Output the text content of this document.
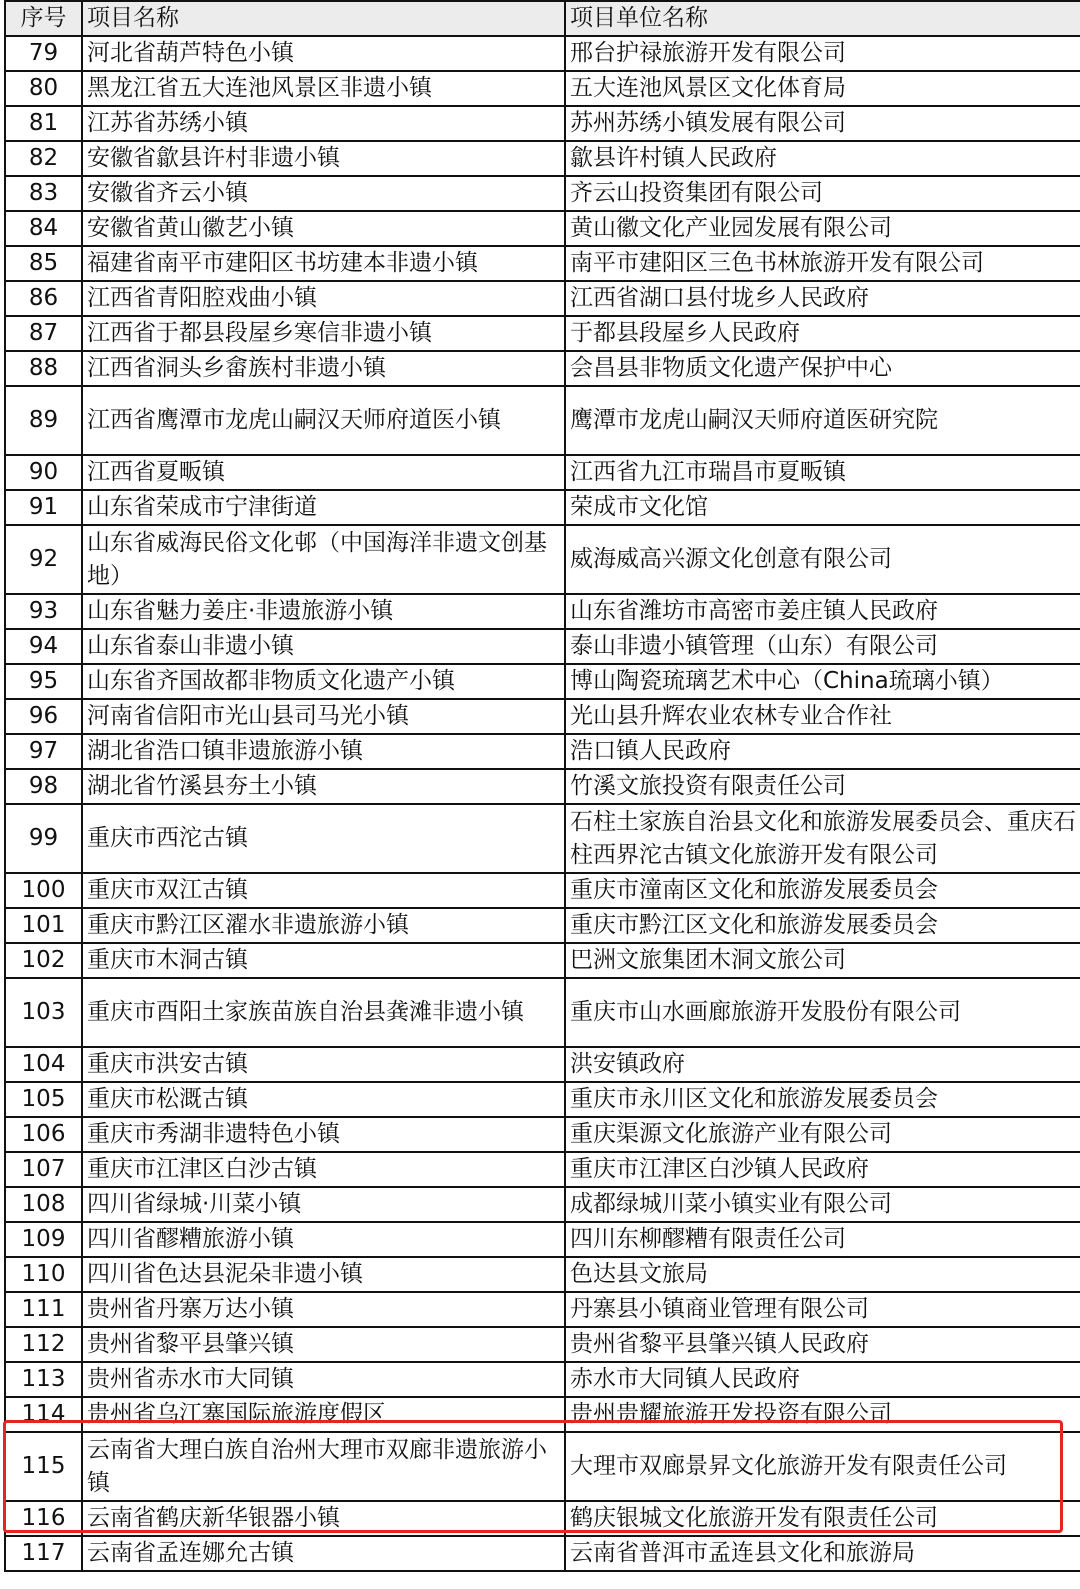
序号	项目名称	项目单位名称
79	河北省葫芦特色小镇	邢台护禄旅游开发有限公司
80	黑龙江省五大连池风景区非遗小镇	五大连池风景区文化体育局
81	江苏省苏绣小镇	苏州苏绣小镇发展有限公司
82	安徽省歙县许村非遗小镇	歙县许村镇人民政府
83	安徽省齐云小镇	齐云山投资集团有限公司
84	安徽省黄山徽艺小镇	黄山徽文化产业园发展有限公司
85	福建省南平市建阳区书坊建本非遗小镇	南平市建阳区三色书林旅游开发有限公司
86	江西省青阳腔戏曲小镇	江西省湖口县付垅乡人民政府
87	江西省于都县段屋乡寒信非遗小镇	于都县段屋乡人民政府
88	江西省洞头乡畲族村非遗小镇	会昌县非物质文化遗产保护中心
89	江西省鹰潭市龙虎山嗣汉天师府道医小镇	鹰潭市龙虎山嗣汉天师府道医研究院
90	江西省夏畈镇	江西省九江市瑞昌市夏畈镇
91	山东省荣成市宁津街道	荣成市文化馆
92	山东省威海民俗文化邨（中国海洋非遗文创基地）	威海威高兴源文化创意有限公司
93	山东省魅力姜庄·非遗旅游小镇	山东省潍坊市高密市姜庄镇人民政府
94	山东省泰山非遗小镇	泰山非遗小镇管理（山东）有限公司
95	山东省齐国故都非物质文化遗产小镇	博山陶瓷琉璃艺术中心（China琉璃小镇）
96	河南省信阳市光山县司马光小镇	光山县升辉农业农林专业合作社
97	湖北省浩口镇非遗旅游小镇	浩口镇人民政府
98	湖北省竹溪县夯土小镇	竹溪文旅投资有限责任公司
99	重庆市西沱古镇	石柱土家族自治县文化和旅游发展委员会、重庆石柱西界沱古镇文化旅游开发有限公司
100	重庆市双江古镇	重庆市潼南区文化和旅游发展委员会
101	重庆市黔江区濯水非遗旅游小镇	重庆市黔江区文化和旅游发展委员会
102	重庆市木洞古镇	巴洲文旅集团木洞文旅公司
103	重庆市酉阳土家族苗族自治县龚滩非遗小镇	重庆市山水画廊旅游开发股份有限公司
104	重庆市洪安古镇	洪安镇政府
105	重庆市松溉古镇	重庆市永川区文化和旅游发展委员会
106	重庆市秀湖非遗特色小镇	重庆渠源文化旅游产业有限公司
107	重庆市江津区白沙古镇	重庆市江津区白沙镇人民政府
108	四川省绿城·川菜小镇	成都绿城川菜小镇实业有限公司
109	四川省醪糟旅游小镇	四川东柳醪糟有限责任公司
110	四川省色达县泥朵非遗小镇	色达县文旅局
111	贵州省丹寨万达小镇	丹寨县小镇商业管理有限公司
112	贵州省黎平县肇兴镇	贵州省黎平县肇兴镇人民政府
113	贵州省赤水市大同镇	赤水市大同镇人民政府
114	贵州省乌江寨国际旅游度假区	贵州贵耀旅游开发投资有限公司
115	云南省大理白族自治州大理市双廊非遗旅游小镇	大理市双廊景昇文化旅游开发有限责任公司
116	云南省鹤庆新华银器小镇	鹤庆银城文化旅游开发有限责任公司
117	云南省孟连娜允古镇	云南省普洱市孟连县文化和旅游局
